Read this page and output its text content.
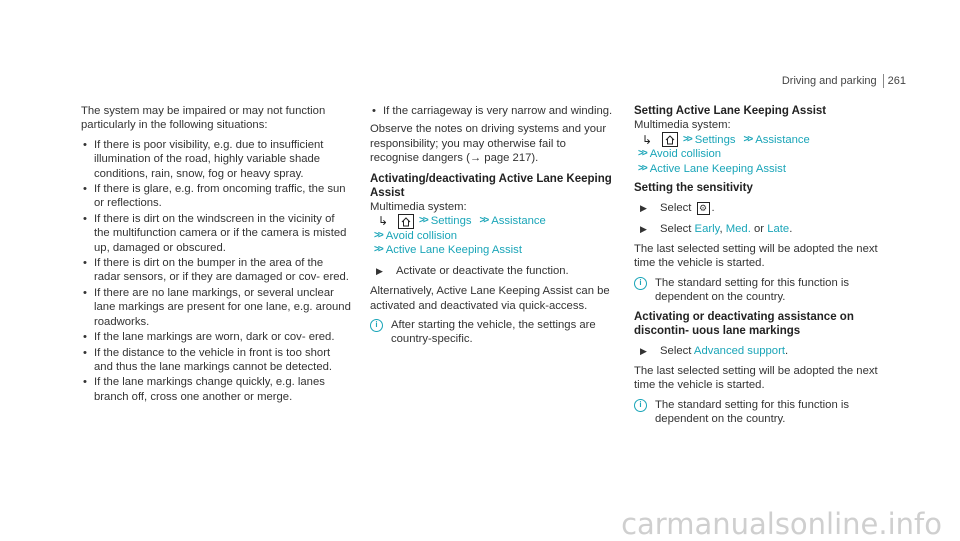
Driving and parking	261

The system may be impaired or may not function particularly in the following situations:

• If there is poor visibility, e.g. due to insufficient illumination of the road, highly variable shade conditions, rain, snow, fog or heavy spray.
• If there is glare, e.g. from oncoming traffic, the sun or reflections.
• If there is dirt on the windscreen in the vicinity of the multifunction camera or if the camera is misted up, damaged or obscured.
• If there is dirt on the bumper in the area of the radar sensors, or if they are damaged or cov- ered.
• If there are no lane markings, or several unclear lane markings are present for one lane, e.g. around roadworks.
• If the lane markings are worn, dark or cov- ered.
• If the distance to the vehicle in front is too short and thus the lane markings cannot be detected.
• If the lane markings change quickly, e.g. lanes branch off, cross one another or merge.
• If the carriageway is very narrow and winding.

Observe the notes on driving systems and your responsibility; you may otherwise fail to recognise dangers (→ page 217).

Activating/deactivating Active Lane Keeping Assist
Multimedia system:
↳	>> Settings >> Assistance
>> Avoid collision
>> Active Lane Keeping Assist
▶	Activate or deactivate the function.

Alternatively, Active Lane Keeping Assist can be activated and deactivated via quick-access.

i	After starting the vehicle, the settings are country-specific.
Setting Active Lane Keeping Assist
Multimedia system:
↳	>> Settings >> Assistance
>> Avoid collision
>> Active Lane Keeping Assist
Setting the sensitivity
▶	Select ⚙ .
▶	Select Early, Med. or Late.

The last selected setting will be adopted the next time the vehicle is started.

i	The standard setting for this function is dependent on the country.
Activating or deactivating assistance on discontin- uous lane markings
▶	Select Advanced support.

The last selected setting will be adopted the next time the vehicle is started.

i	The standard setting for this function is dependent on the country.
carmanualsonline.info
